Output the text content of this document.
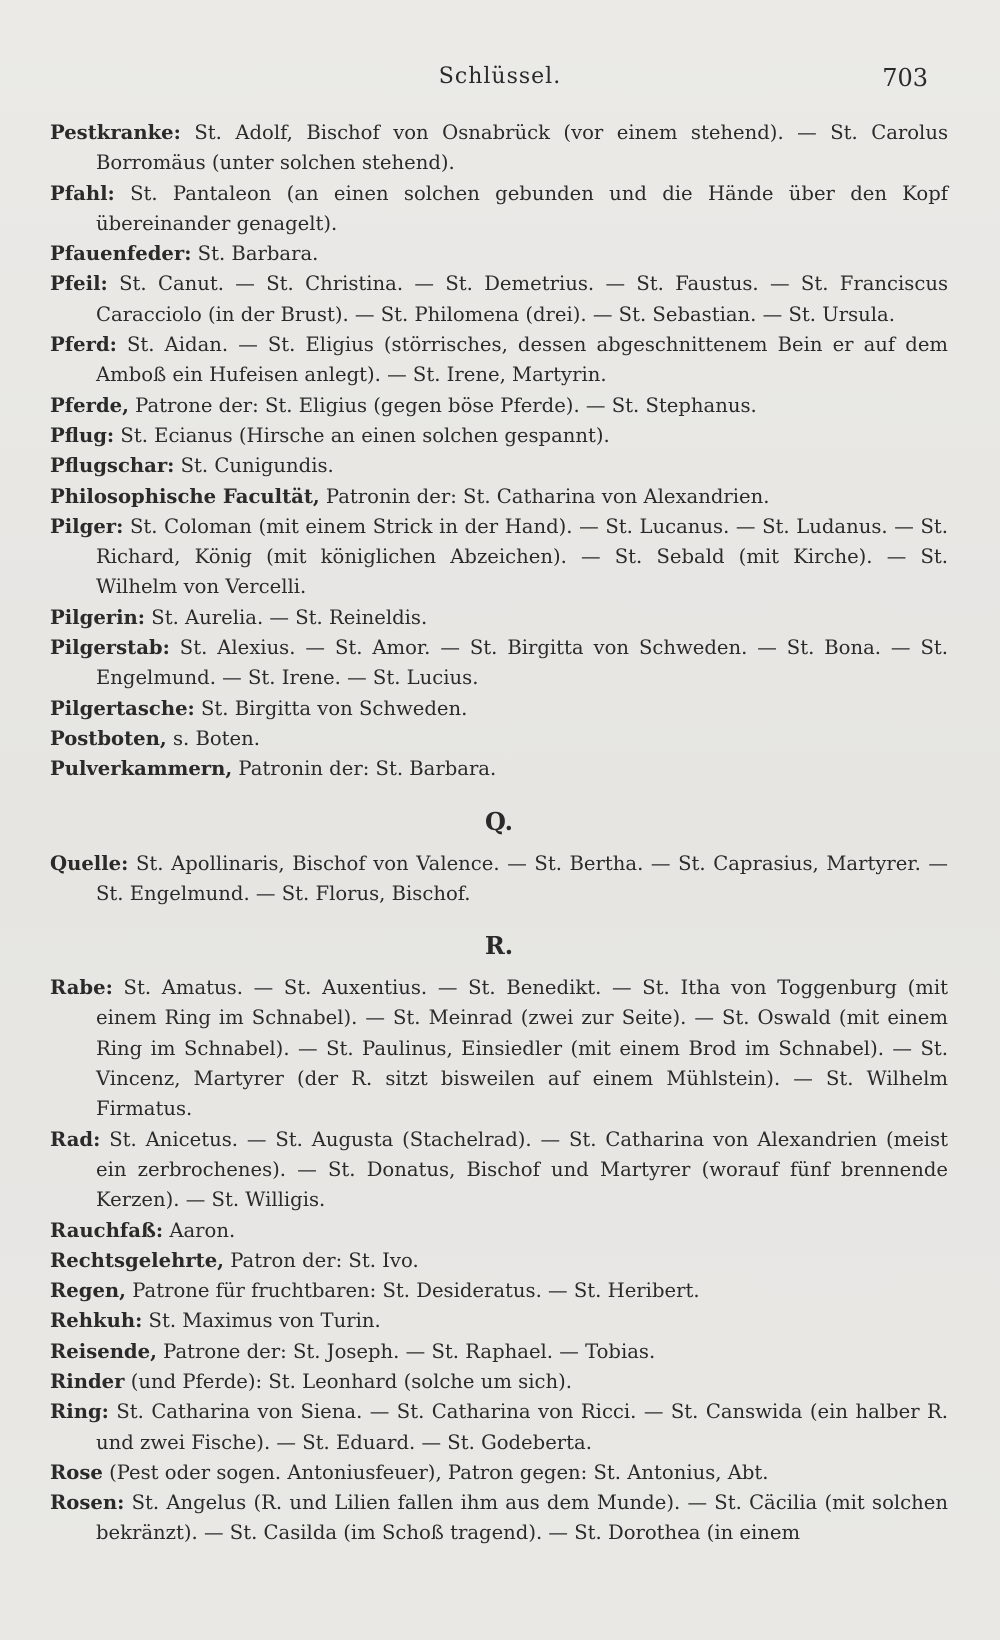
Schlüssel.	703

Pestkranke: St. Adolf, Bischof von Osnabrück (vor einem stehend). — St. Carolus Borromäus (unter solchen stehend).

Pfahl: St. Pantaleon (an einen solchen gebunden und die Hände über den Kopf übereinander genagelt).

Pfauenfeder: St. Barbara.

Pfeil: St. Canut. — St. Christina. — St. Demetrius. — St. Faustus. — St. Franciscus Caracciolo (in der Brust). — St. Philomena (drei). — St. Sebastian. — St. Ursula.

Pferd: St. Aidan. — St. Eligius (störrisches, dessen abgeschnittenem Bein er auf dem Amboß ein Hufeisen anlegt). — St. Irene, Martyrin.

Pferde, Patrone der: St. Eligius (gegen böse Pferde). — St. Stephanus.

Pflug: St. Ecianus (Hirsche an einen solchen gespannt).

Pflugschar: St. Cunigundis.

Philosophische Facultät, Patronin der: St. Catharina von Alexandrien.

Pilger: St. Coloman (mit einem Strick in der Hand). — St. Lucanus. — St. Ludanus. — St. Richard, König (mit königlichen Abzeichen). — St. Sebald (mit Kirche). — St. Wilhelm von Vercelli.

Pilgerin: St. Aurelia. — St. Reineldis.

Pilgerstab: St. Alexius. — St. Amor. — St. Birgitta von Schweden. — St. Bona. — St. Engelmund. — St. Irene. — St. Lucius.

Pilgertasche: St. Birgitta von Schweden.

Postboten, s. Boten.

Pulverkammern, Patronin der: St. Barbara.

Q.

Quelle: St. Apollinaris, Bischof von Valence. — St. Bertha. — St. Caprasius, Martyrer. — St. Engelmund. — St. Florus, Bischof.

R.

Rabe: St. Amatus. — St. Auxentius. — St. Benedikt. — St. Itha von Toggenburg (mit einem Ring im Schnabel). — St. Meinrad (zwei zur Seite). — St. Oswald (mit einem Ring im Schnabel). — St. Paulinus, Einsiedler (mit einem Brod im Schnabel). — St. Vincenz, Martyrer (der R. sitzt bisweilen auf einem Mühlstein). — St. Wilhelm Firmatus.

Rad: St. Anicetus. — St. Augusta (Stachelrad). — St. Catharina von Alexandrien (meist ein zerbrochenes). — St. Donatus, Bischof und Martyrer (worauf fünf brennende Kerzen). — St. Willigis.

Rauchfaß: Aaron.

Rechtsgelehrte, Patron der: St. Ivo.

Regen, Patrone für fruchtbaren: St. Desideratus. — St. Heribert.

Rehkuh: St. Maximus von Turin.

Reisende, Patrone der: St. Joseph. — St. Raphael. — Tobias.

Rinder (und Pferde): St. Leonhard (solche um sich).

Ring: St. Catharina von Siena. — St. Catharina von Ricci. — St. Canswida (ein halber R. und zwei Fische). — St. Eduard. — St. Godeberta.

Rose (Pest oder sogen. Antoniusfeuer), Patron gegen: St. Antonius, Abt.

Rosen: St. Angelus (R. und Lilien fallen ihm aus dem Munde). — St. Cäcilia (mit solchen bekränzt). — St. Casilda (im Schoß tragend). — St. Dorothea (in einem
